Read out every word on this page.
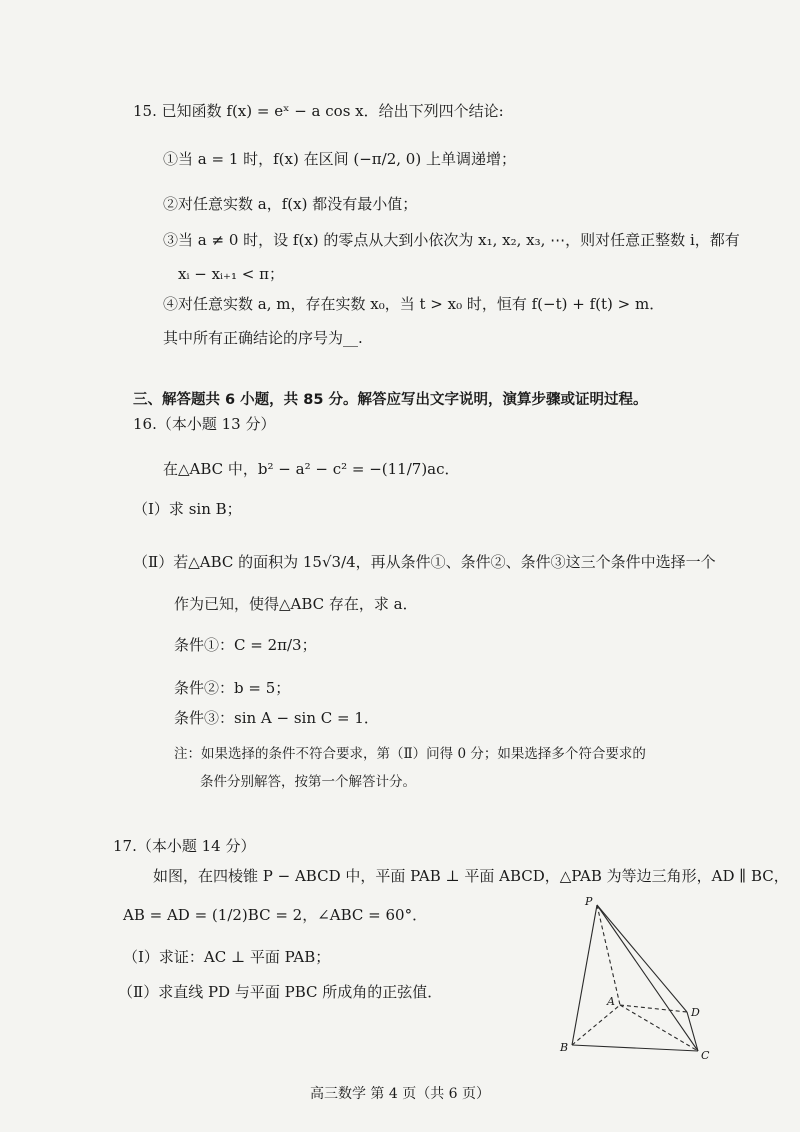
15. 已知函数 f(x) = eˣ − a cos x．给出下列四个结论:
①当 a = 1 时，f(x) 在区间 (−π/2, 0) 上单调递增；
②对任意实数 a，f(x) 都没有最小值；
③当 a ≠ 0 时，设 f(x) 的零点从大到小依次为 x₁, x₂, x₃, ⋯，则对任意正整数 i，都有
xᵢ − xᵢ₊₁ < π；
④对任意实数 a, m，存在实数 x₀，当 t > x₀ 时，恒有 f(−t) + f(t) > m．
其中所有正确结论的序号为__.
三、解答题共 6 小题，共 85 分。解答应写出文字说明，演算步骤或证明过程。
16.（本小题 13 分）
在△ABC 中，b² − a² − c² = −(11/7)ac．
（Ⅰ）求 sin B；
（Ⅱ）若△ABC 的面积为 15√3/4，再从条件①、条件②、条件③这三个条件中选择一个
作为已知，使得△ABC 存在，求 a．
条件①：C = 2π/3；
条件②：b = 5；
条件③：sin A − sin C = 1．
注：如果选择的条件不符合要求，第（Ⅱ）问得 0 分；如果选择多个符合要求的
条件分别解答，按第一个解答计分。
17.（本小题 14 分）
如图，在四棱锥 P − ABCD 中，平面 PAB ⊥ 平面 ABCD，△PAB 为等边三角形，AD ∥ BC，
AB = AD = (1/2)BC = 2，∠ABC = 60°．
（Ⅰ）求证：AC ⊥ 平面 PAB；
（Ⅱ）求直线 PD 与平面 PBC 所成角的正弦值．
P
A
B
C
D
高三数学 第 4 页（共 6 页）
